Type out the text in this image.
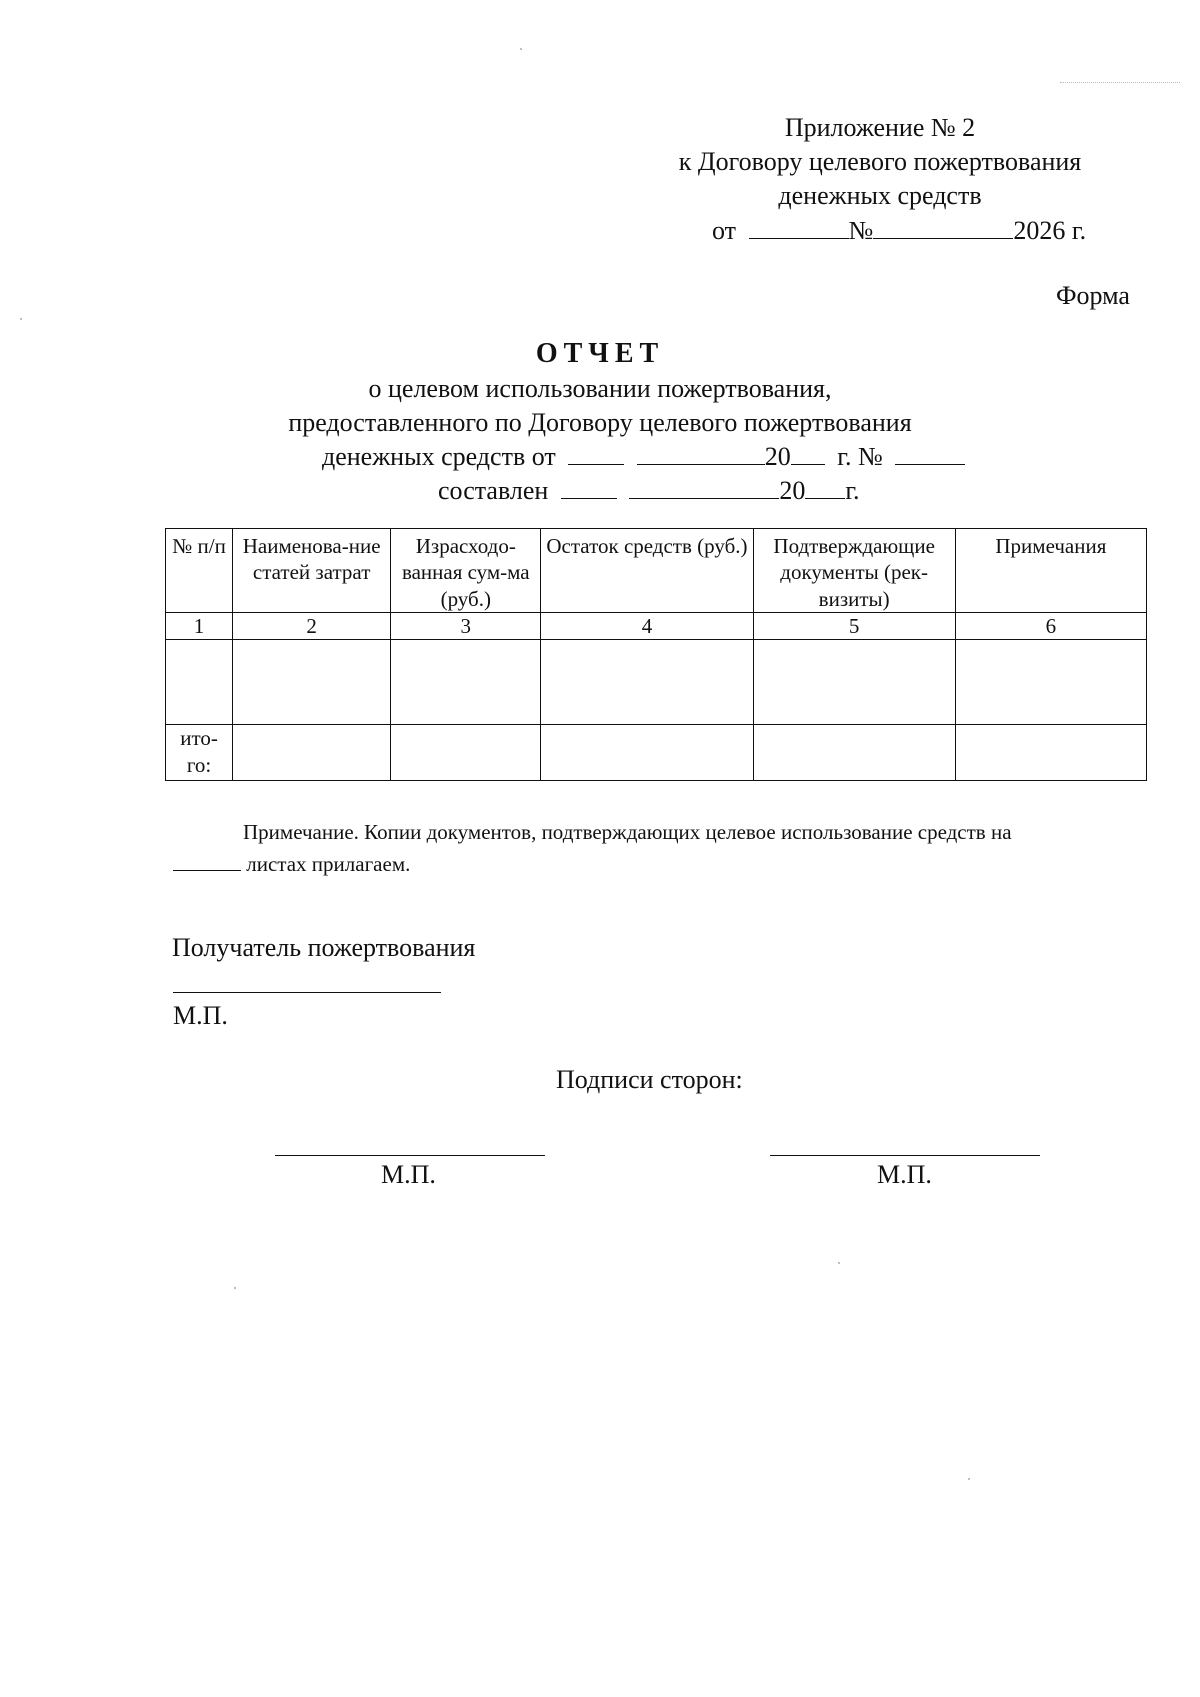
Приложение № 2
к Договору целевого пожертвования
денежных средств
от	№	2026 г.
Форма
ОТЧЕТ
о целевом использовании пожертвования,
предоставленного по Договору целевого пожертвования
денежных средств от	20 г. №
составлен	20 г.
№ п/п	Наименова-ние статей затрат	Израсходо-ванная сум-ма (руб.)	Остаток средств (руб.)	Подтверждающие документы (рек-визиты)	Примечания
1	2	3	4	5	6

ито-го:					
Примечание. Копии документов, подтверждающих целевое использование средств на
листах прилагаем.
Получатель пожертвования
М.П.
Подписи сторон:
М.П.	М.П.
